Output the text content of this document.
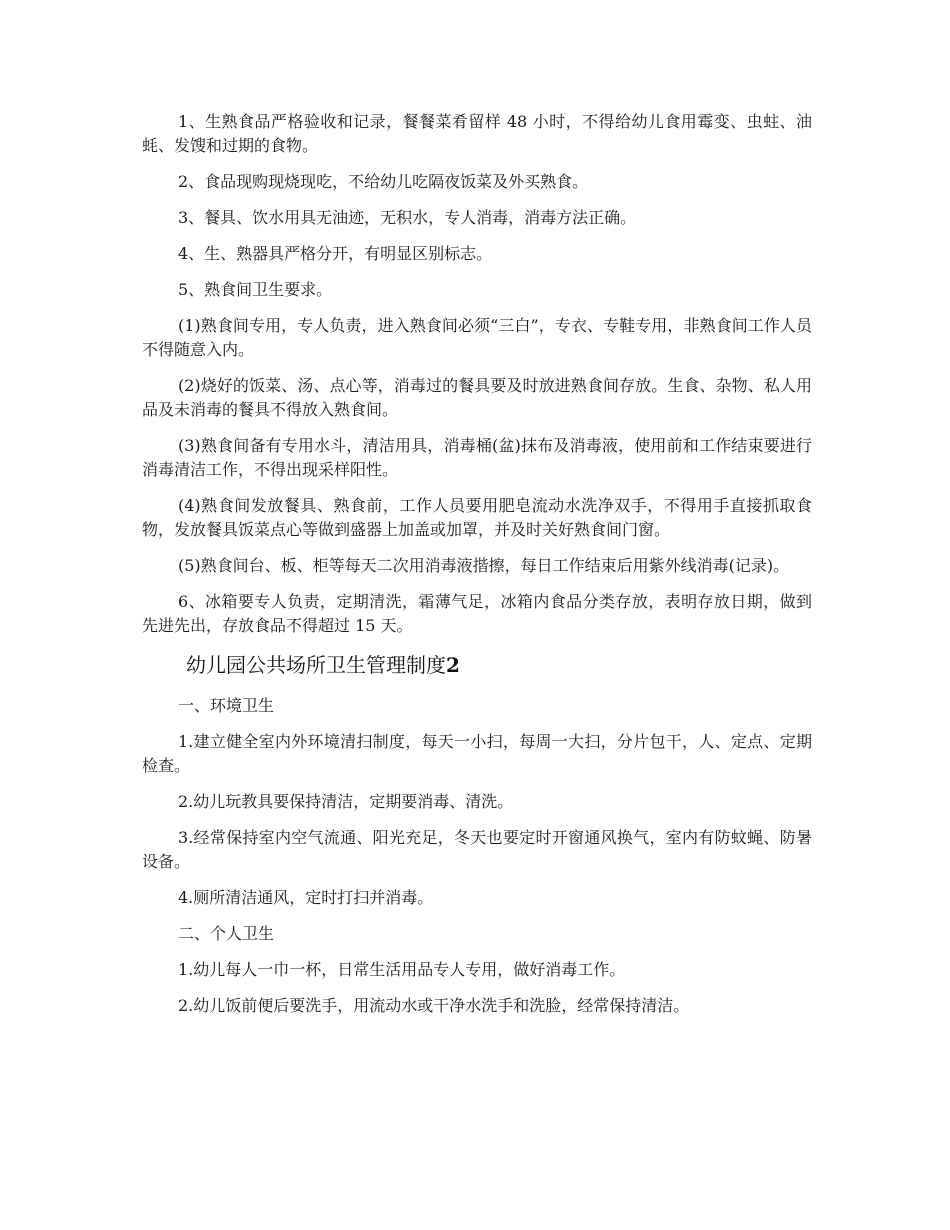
1、生熟食品严格验收和记录，餐餐菜肴留样 48 小时，不得给幼儿食用霉变、虫蛀、油蚝、发馊和过期的食物。

2、食品现购现烧现吃，不给幼儿吃隔夜饭菜及外买熟食。

3、餐具、饮水用具无油迹，无积水，专人消毒，消毒方法正确。

4、生、熟器具严格分开，有明显区别标志。

5、熟食间卫生要求。

(1)熟食间专用，专人负责，进入熟食间必须“三白”，专衣、专鞋专用，非熟食间工作人员不得随意入内。

(2)烧好的饭菜、汤、点心等，消毒过的餐具要及时放进熟食间存放。生食、杂物、私人用品及未消毒的餐具不得放入熟食间。

(3)熟食间备有专用水斗，清洁用具，消毒桶(盆)抹布及消毒液，使用前和工作结束要进行消毒清洁工作，不得出现采样阳性。

(4)熟食间发放餐具、熟食前，工作人员要用肥皂流动水洗净双手，不得用手直接抓取食物，发放餐具饭菜点心等做到盛器上加盖或加罩，并及时关好熟食间门窗。

(5)熟食间台、板、柜等每天二次用消毒液揩擦，每日工作结束后用紫外线消毒(记录)。

6、冰箱要专人负责，定期清洗，霜薄气足，冰箱内食品分类存放，表明存放日期，做到先进先出，存放食品不得超过 15 天。

幼儿园公共场所卫生管理制度2

一、环境卫生

1.建立健全室内外环境清扫制度，每天一小扫，每周一大扫，分片包干，人、定点、定期检查。

2.幼儿玩教具要保持清洁，定期要消毒、清洗。

3.经常保持室内空气流通、阳光充足，冬天也要定时开窗通风换气，室内有防蚊蝇、防暑设备。

4.厕所清洁通风，定时打扫并消毒。

二、个人卫生

1.幼儿每人一巾一杯，日常生活用品专人专用，做好消毒工作。

2.幼儿饭前便后要洗手，用流动水或干净水洗手和洗脸，经常保持清洁。
